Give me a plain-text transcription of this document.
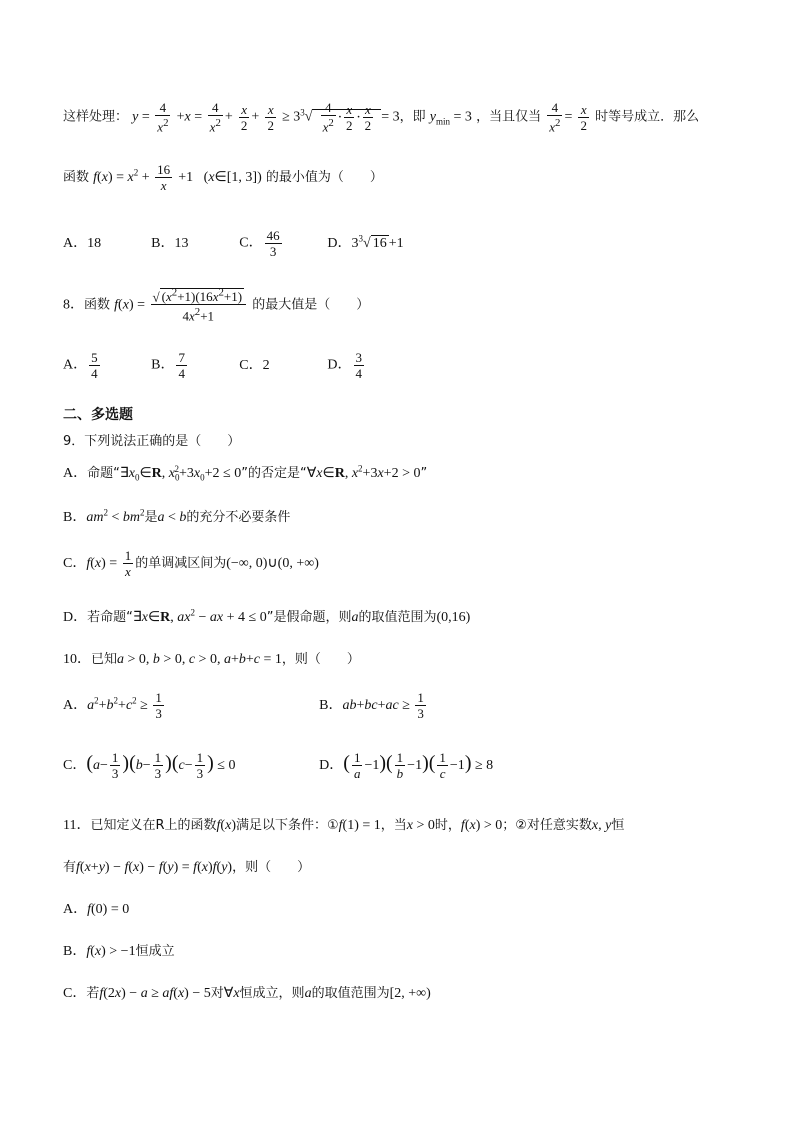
这样处理： $y = \frac{4}{x^2} +x = \frac{4}{x^2} + \frac{x}{2} + \frac{x}{2} \ge 3^3√ \frac{4}{x^2} \cdot \frac{x}{2} \cdot \frac{x}{2} = 3$，即 $y_{min} = 3$ ，当且仅当 $\frac{4}{x^2} = \frac{x}{2}$ 时等号成立．那么
函数 $f(x) = x^2 + \frac{16}{x} +1$   (x∈[1, 3]) 的最小值为（　　）
A．18	B．13	C． $\frac{46}{3}$	D．$3^3√$ 16 +1
8．函数 $f(x) = \frac{√ (x^2+1)(16x^2+1)}{4x^2+1}$ 的最大值是（　　）
A． $\frac{5}{4}$	B． $\frac{7}{4}$	C．2	D． $\frac{3}{4}$
二、多选题
9．下列说法正确的是（　　）
A．命题“$\exists x_0\in R$, $x_0^2+3x_0+2 \le 0$”的否定是“∀x∈R, $x^2+3x+2 > 0$”
B．$am^2 < bm^2$是a < b的充分不必要条件
C．$f(x) = \frac{1}{x}$ 的单调减区间为(−∞, 0)∪(0, +∞)
D．若命题“∃x∈R, $ax^2$ − ax + 4 ≤ 0”是假命题，则a的取值范围为(0,16)
10．已知a > 0, b > 0, c > 0, a+b+c = 1，则（　　）
A．$a^2+b^2+c^2 \ge \frac{1}{3}$	B．$ab+bc+ac \ge \frac{1}{3}$
C．$(a- \frac{1}{3} )(b- \frac{1}{3} )(c- \frac{1}{3}$ ) ≤ 0	D．( $\frac{1}{a} -1)( \frac{1}{b} -1)( \frac{1}{c} -1) \ge 8$
11．已知定义在R上的函数f(x)满足以下条件：①f(1) = 1，当x > 0时，f(x) > 0；②对任意实数x, y恒
有f(x+y) − f(x) − f(y) = f(x)f(y)，则（　　）
A．f(0) = 0
B．f(x) > −1恒成立
C．若f(2x) − a ≥ af(x) − 5对∀x恒成立，则a的取值范围为[2, +∞)
